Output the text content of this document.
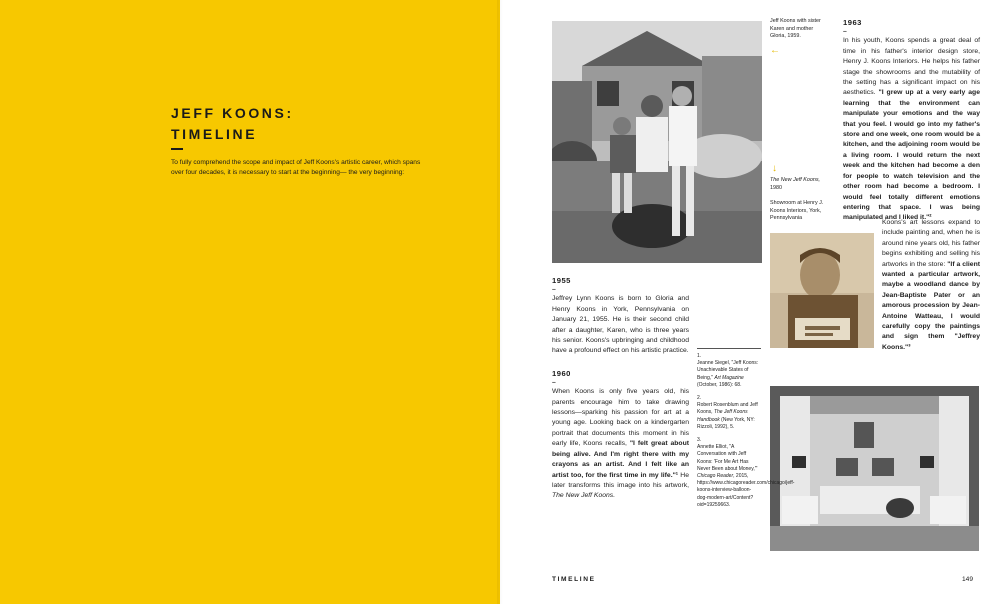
JEFF KOONS:
TIMELINE
To fully comprehend the scope and impact of Jeff Koons's artistic career, which spans over four decades, it is necessary to start at the beginning— the very beginning:
Jeff Koons with sister Karen and mother Gloria, 1959.
←
↓
The New Jeff Koons,
1980
Showroom at Henry J. Koons Interiors, York, Pennsylvania
1955
–
Jeffrey Lynn Koons is born to Gloria and Henry Koons in York, Pennsylvania on January 21, 1955. He is their second child after a daughter, Karen, who is three years his senior. Koons's upbringing and childhood have a profound effect on his artistic practice.
1960
–
When Koons is only five years old, his parents encourage him to take drawing lessons—sparking his passion for art at a young age. Looking back on a kindergarten portrait that documents this moment in his early life, Koons recalls, "I felt great about being alive. And I'm right there with my crayons as an artist. And I felt like an artist too, for the first time in my life."¹ He later transforms this image into his artwork, The New Jeff Koons.
1.
Jeanne Siegel, "Jeff Koons: Unachievable States of Being," Art Magazine (October, 1986): 68.
2.
Robert Rosenblum and Jeff Koons, The Jeff Koons Handbook (New York, NY: Rizzoli, 1992), 5.
3.
Annette Elliot, "A Conversation with Jeff Koons: 'For Me Art Has Never Been about Money,'" Chicago Reader, 2015, https://www.chicagoreader.com/chicago/jeff-koons-interview-balloon-dog-modern-art/Content?oid=19259663.
1963
–
In his youth, Koons spends a great deal of time in his father's interior design store, Henry J. Koons Interiors. He helps his father stage the showrooms and the mutability of the setting has a significant impact on his aesthetics. "I grew up at a very early age learning that the environment can manipulate your emotions and the way that you feel. I would go into my father's store and one week, one room would be a kitchen, and the adjoining room would be a living room. I would return the next week and the kitchen had become a den for people to watch television and the other room had become a bedroom. I would feel totally different emotions entering that space. I was being manipulated and I liked it."²
Koons's art lessons expand to include painting and, when he is around nine years old, his father begins exhibiting and selling his artworks in the store: "If a client wanted a particular artwork, maybe a woodland dance by Jean-Baptiste Pater or an amorous procession by Jean-Antoine Watteau, I would carefully copy the paintings and sign them "Jeffrey Koons."³
TIMELINE	149
